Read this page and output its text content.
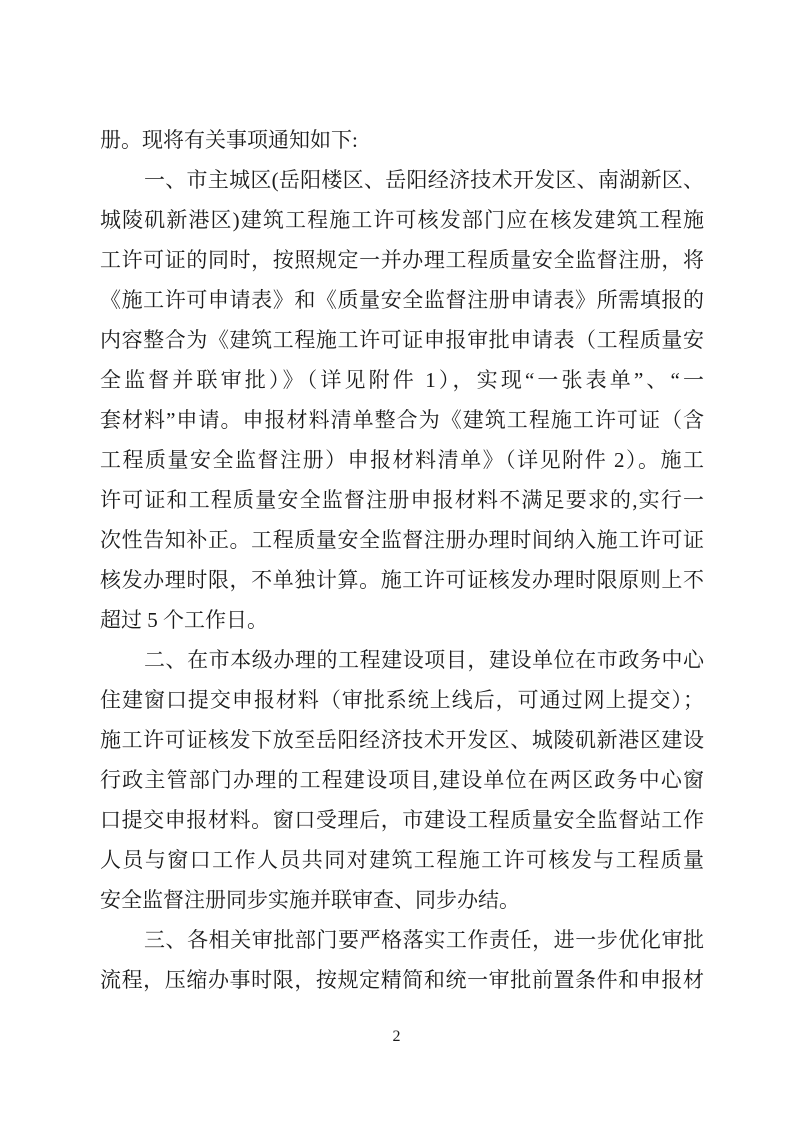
册。现将有关事项通知如下:
一、市主城区(岳阳楼区、岳阳经济技术开发区、南湖新区、
城陵矶新港区)建筑工程施工许可核发部门应在核发建筑工程施
工许可证的同时，按照规定一并办理工程质量安全监督注册，将
《施工许可申请表》和《质量安全监督注册申请表》所需填报的
内容整合为《建筑工程施工许可证申报审批申请表（工程质量安
全监督并联审批）》（详见附件 1），实现“一张表单”、“一
套材料”申请。申报材料清单整合为《建筑工程施工许可证（含
工程质量安全监督注册）申报材料清单》（详见附件 2）。施工
许可证和工程质量安全监督注册申报材料不满足要求的,实行一
次性告知补正。工程质量安全监督注册办理时间纳入施工许可证
核发办理时限，不单独计算。施工许可证核发办理时限原则上不
超过 5 个工作日。
二、在市本级办理的工程建设项目，建设单位在市政务中心
住建窗口提交申报材料（审批系统上线后，可通过网上提交）；
施工许可证核发下放至岳阳经济技术开发区、城陵矶新港区建设
行政主管部门办理的工程建设项目,建设单位在两区政务中心窗
口提交申报材料。窗口受理后，市建设工程质量安全监督站工作
人员与窗口工作人员共同对建筑工程施工许可核发与工程质量
安全监督注册同步实施并联审查、同步办结。
三、各相关审批部门要严格落实工作责任，进一步优化审批
流程，压缩办事时限，按规定精简和统一审批前置条件和申报材
2
